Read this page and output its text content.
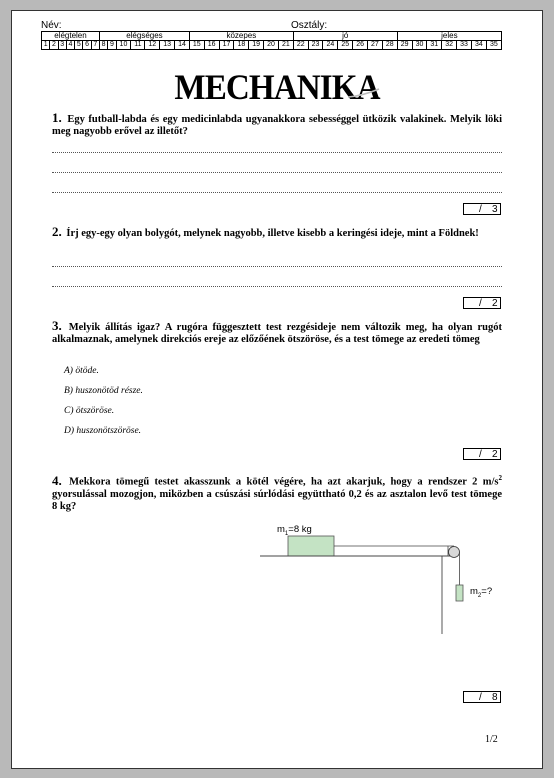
Név:	Osztály:
elégtelen							elégséges							közepes							jó							jeles						
1	2	3	4	5	6	7	8	9	10	11	12	13	14	15	16	17	18	19	20	21	22	23	24	25	26	27	28	29	30	31	32	33	34	35
MECHANIKA
1. Egy futball-labda és egy medicinlabda ugyanakkora sebességgel ütközik valakinek. Melyik löki meg nagyobb erővel az illetőt?
/ 3
2. Írj egy-egy olyan bolygót, melynek nagyobb, illetve kisebb a keringési ideje, mint a Földnek!
/ 2
3. Melyik állítás igaz? A rugóra függesztett test rezgésideje nem változik meg, ha olyan rugót alkalmaznak, amelynek direkciós ereje az előzőének ötszöröse, és a test tömege az eredeti tömeg
A) ötöde.
B) huszonötöd része.
C) ötszöröse.
D) huszonötszöröse.
/ 2
4. Mekkora tömegű testet akasszunk a kötél végére, ha azt akarjuk, hogy a rendszer 2 $m/s^2$ gyorsulással mozogjon, miközben a csúszási súrlódási együttható 0,2 és az asztalon levő test tömege 8 kg?
$m_1=8$ kg
$m_2=$?
/ 8
1/2
